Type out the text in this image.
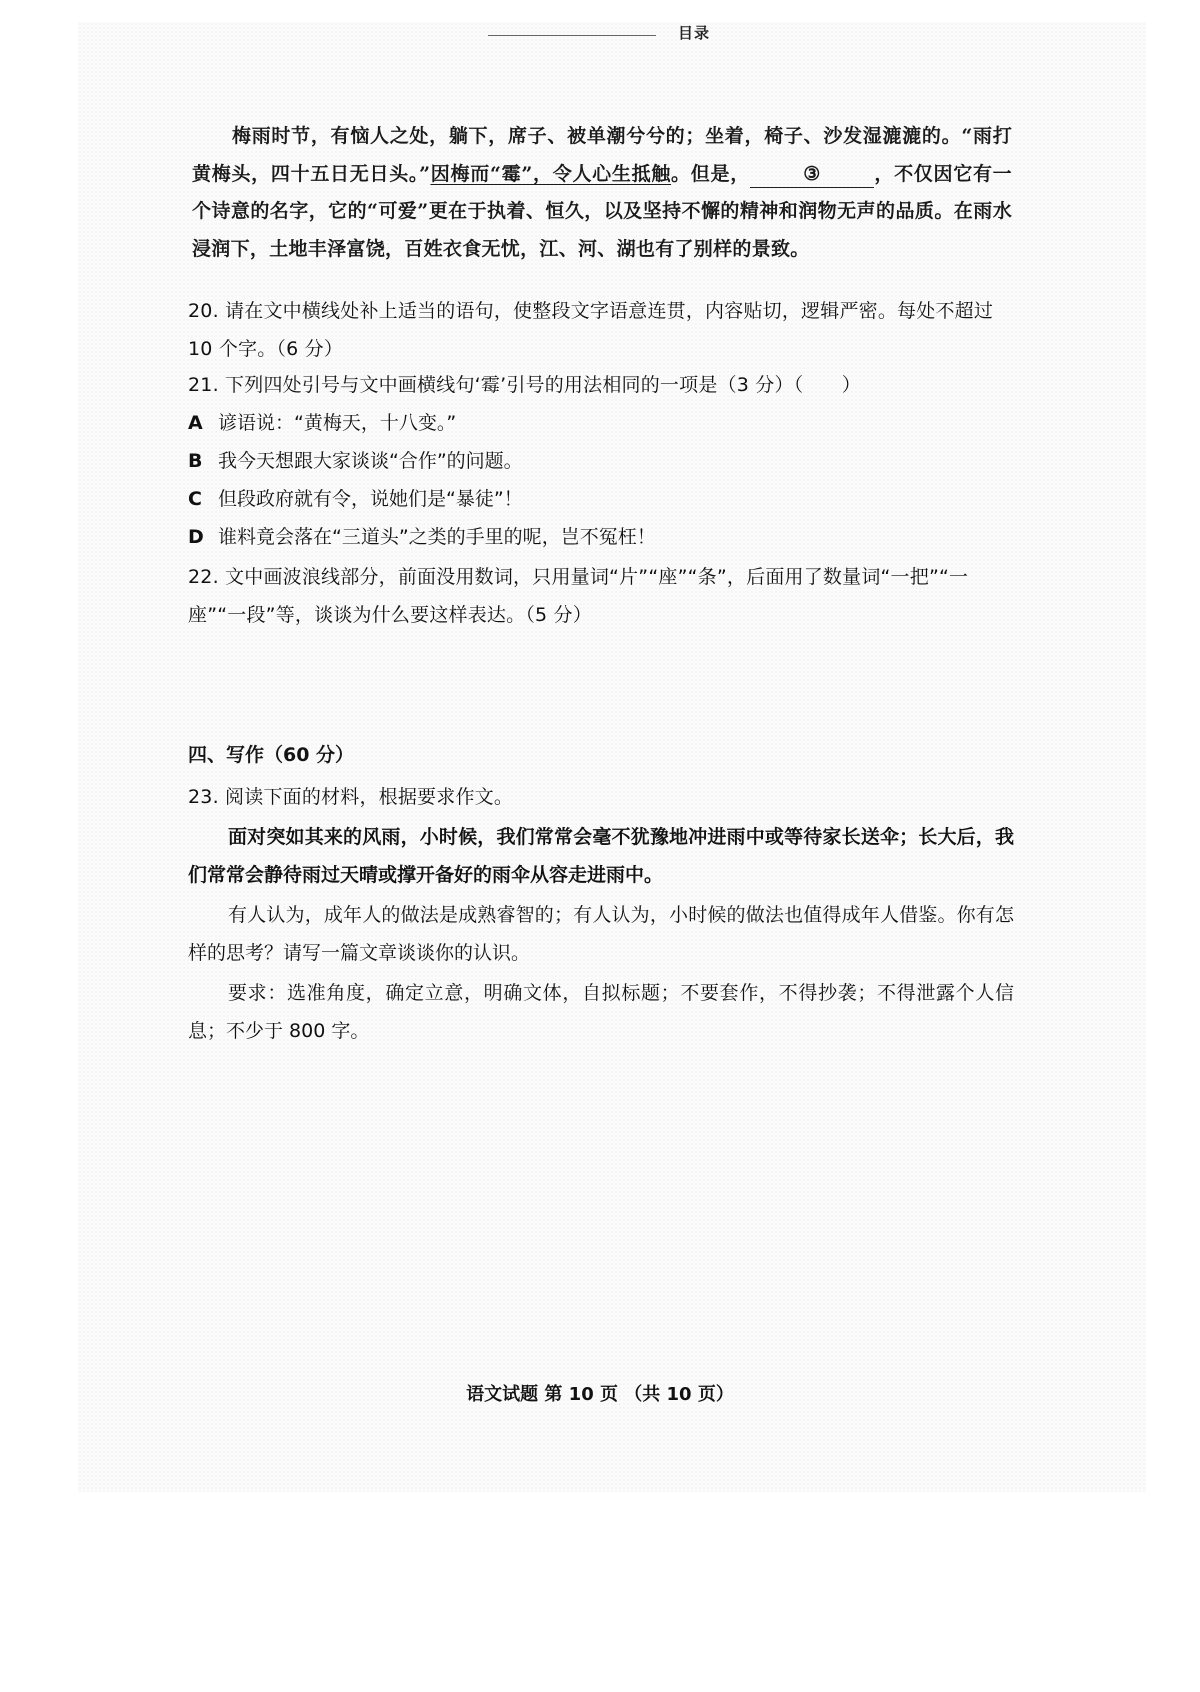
目录
梅雨时节，有恼人之处，躺下，席子、被单潮兮兮的；坐着，椅子、沙发湿漉漉的。“雨打黄梅头，四十五日无日头。”因梅而“霉”，令人心生抵触。但是，	③	，不仅因它有一个诗意的名字，它的“可爱”更在于执着、恒久，以及坚持不懈的精神和润物无声的品质。在雨水浸润下，土地丰泽富饶，百姓衣食无忧，江、河、湖也有了别样的景致。
20. 请在文中横线处补上适当的语句，使整段文字语意连贯，内容贴切，逻辑严密。每处不超过 10 个字。（6 分）
21. 下列四处引号与文中画横线句‘霉’引号的用法相同的一项是（3 分）（　　）
A 谚语说：“黄梅天，十八变。”
B 我今天想跟大家谈谈“合作”的问题。
C 但段政府就有令，说她们是“暴徒”！
D 谁料竟会落在“三道头”之类的手里的呢，岂不冤枉！
22. 文中画波浪线部分，前面没用数词，只用量词“片”“座”“条”，后面用了数量词“一把”“一座”“一段”等，谈谈为什么要这样表达。（5 分）
四、写作（60 分）
23. 阅读下面的材料，根据要求作文。
面对突如其来的风雨，小时候，我们常常会毫不犹豫地冲进雨中或等待家长送伞；长大后，我们常常会静待雨过天晴或撑开备好的雨伞从容走进雨中。
有人认为，成年人的做法是成熟睿智的；有人认为，小时候的做法也值得成年人借鉴。你有怎样的思考？请写一篇文章谈谈你的认识。
要求：选准角度，确定立意，明确文体，自拟标题；不要套作，不得抄袭；不得泄露个人信息；不少于 800 字。
语文试题 第 10 页 （共 10 页）
